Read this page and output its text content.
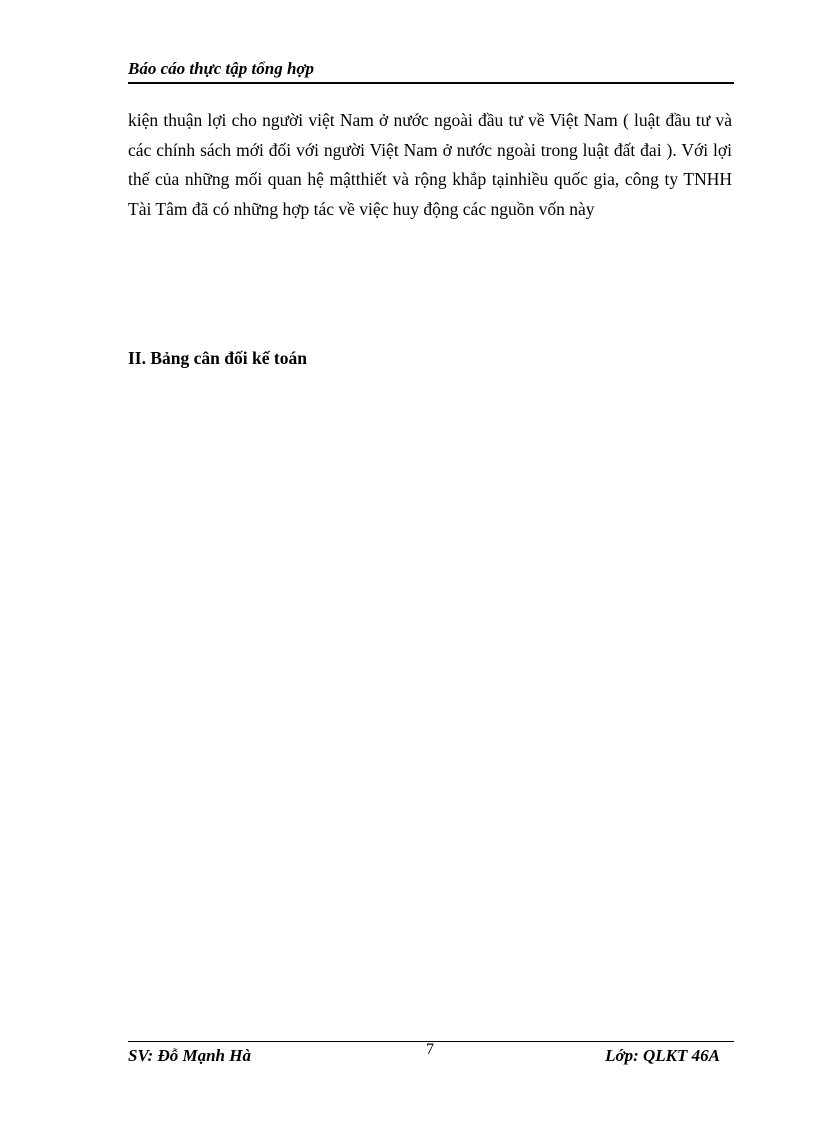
Báo cáo thực tập tổng hợp

kiện thuận lợi cho người việt Nam ở nước ngoài đầu tư về Việt Nam ( luật đầu tư và các chính sách mới đối với người Việt Nam ở nước ngoài trong luật đất đai ). Với lợi thế của những mối quan hệ mậtthiết và rộng khắp tạinhiều quốc gia, công ty TNHH Tài Tâm đã có những hợp tác về việc huy động các nguồn vốn này

II. Bảng cân đối kế toán
SV: Đỗ Mạnh Hà	7	Lớp: QLKT 46A
